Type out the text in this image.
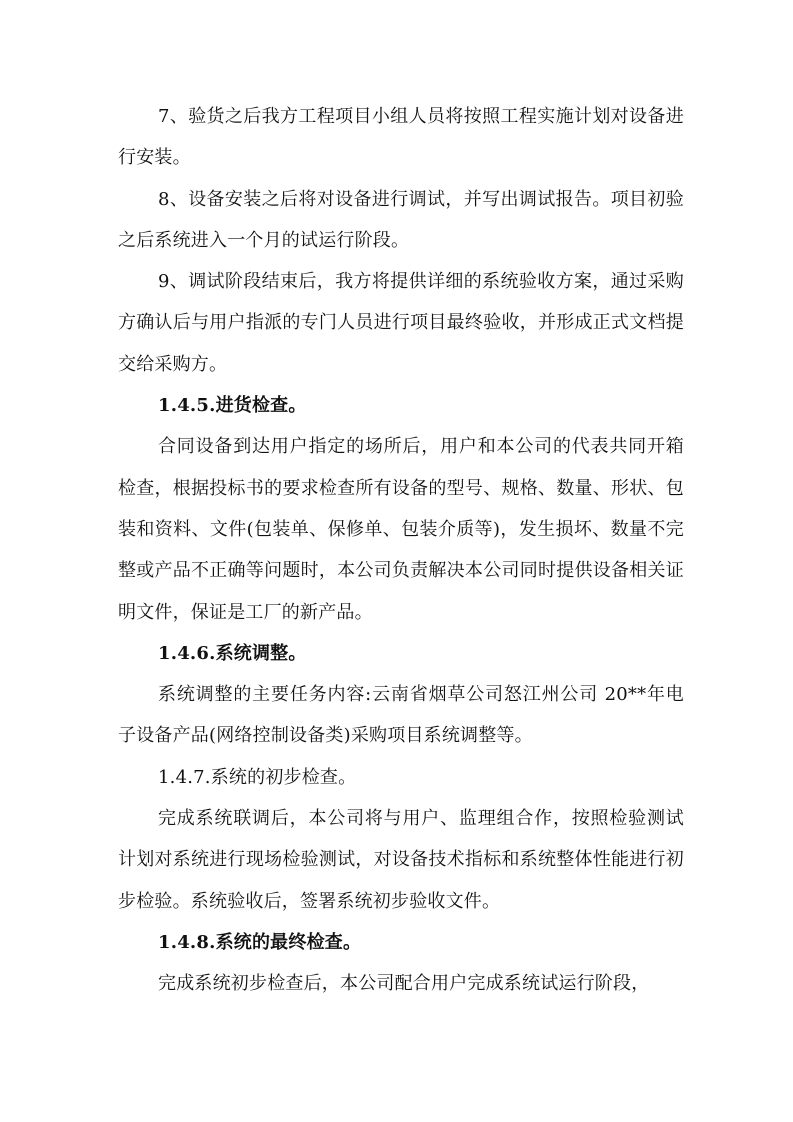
7、验货之后我方工程项目小组人员将按照工程实施计划对设备进行安装。

8、设备安装之后将对设备进行调试，并写出调试报告。项目初验之后系统进入一个月的试运行阶段。

9、调试阶段结束后，我方将提供详细的系统验收方案，通过采购方确认后与用户指派的专门人员进行项目最终验收，并形成正式文档提交给采购方。

1.4.5.进货检查。

合同设备到达用户指定的场所后，用户和本公司的代表共同开箱检查，根据投标书的要求检查所有设备的型号、规格、数量、形状、包装和资料、文件(包装单、保修单、包装介质等)，发生损坏、数量不完整或产品不正确等问题时，本公司负责解决本公司同时提供设备相关证明文件，保证是工厂的新产品。

1.4.6.系统调整。

系统调整的主要任务内容:云南省烟草公司怒江州公司 20**年电子设备产品(网络控制设备类)采购项目系统调整等。

1.4.7.系统的初步检查。

完成系统联调后，本公司将与用户、监理组合作，按照检验测试计划对系统进行现场检验测试，对设备技术指标和系统整体性能进行初步检验。系统验收后，签署系统初步验收文件。

1.4.8.系统的最终检查。

完成系统初步检查后，本公司配合用户完成系统试运行阶段，
